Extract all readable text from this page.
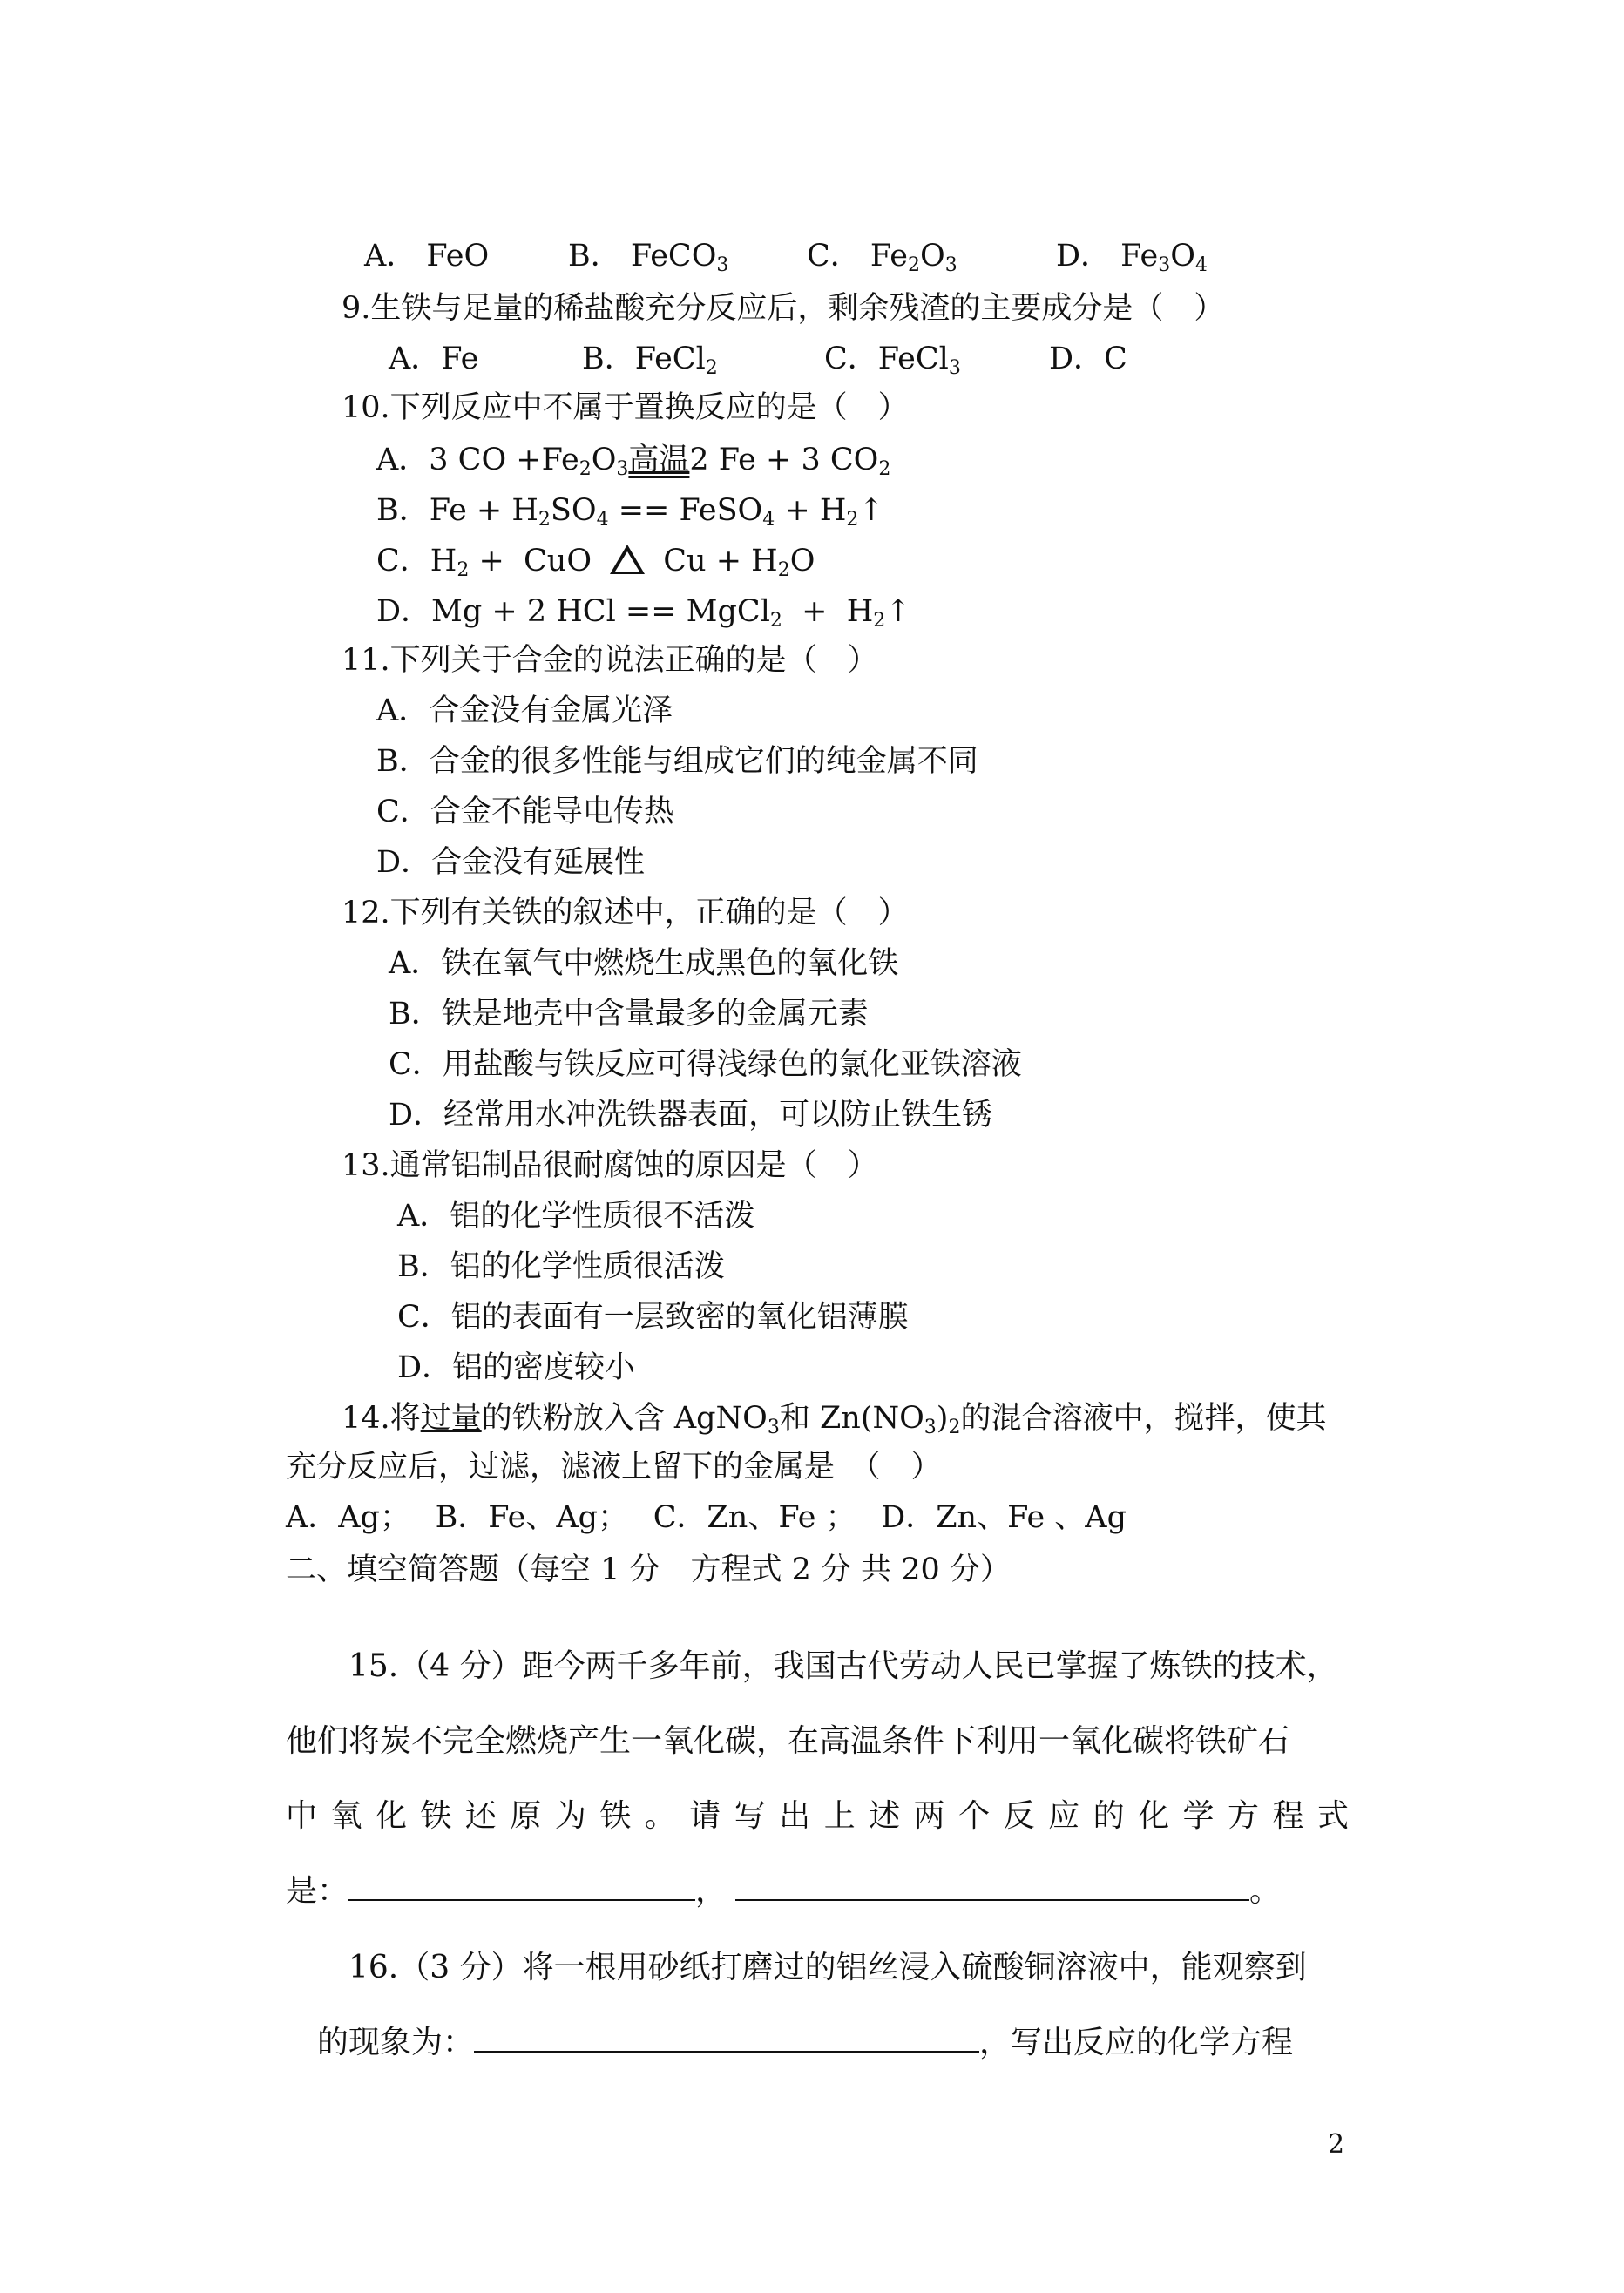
A． FeO	B． FeCO$_3$	C． $Fe_2O_3$	D． $Fe_3O_4$
9.生铁与足量的稀盐酸充分反应后，剩余残渣的主要成分是（　）
A．Fe	B．FeCl$_2$	C．FeCl$_3$	D．C
10.下列反应中不属于置换反应的是（　）
A．3 CO $+Fe_2O_3$高温2 Fe + 3 $CO_2$
B．$Fe + H_2SO_4$ == FeSO$_4$ + $H_2↑$
C．$H_2$ +  CuO  $Cu + H_2O$
D．Mg + 2 HCl == MgCl$_2$  +  $H_2↑$
11.下列关于合金的说法正确的是（　）
A．合金没有金属光泽
B．合金的很多性能与组成它们的纯金属不同
C．合金不能导电传热
D．合金没有延展性
12.下列有关铁的叙述中，正确的是（　）
A．铁在氧气中燃烧生成黑色的氧化铁
B．铁是地壳中含量最多的金属元素
C．用盐酸与铁反应可得浅绿色的氯化亚铁溶液
D．经常用水冲洗铁器表面，可以防止铁生锈
13.通常铝制品很耐腐蚀的原因是（　）
A．铝的化学性质很不活泼
B．铝的化学性质很活泼
C．铝的表面有一层致密的氧化铝薄膜
D．铝的密度较小
14.将过量的铁粉放入含 AgNO$_3$和 $Zn(NO_3)_2$的混合溶液中，搅拌，使其
充分反应后，过滤，滤液上留下的金属是　（　）
A．Ag；　 B．Fe、Ag；　 C．Zn、Fe ；　 D．Zn、Fe 、Ag
二、填空简答题（每空 1 分　方程式 2 分 共 20 分）
15.（4 分）距今两千多年前，我国古代劳动人民已掌握了炼铁的技术，
他们将炭不完全燃烧产生一氧化碳，在高温条件下利用一氧化碳将铁矿石
中氧化铁还原为铁。请写出上述两个反应的化学方程式
是：	，	。
16.（3 分）将一根用砂纸打磨过的铝丝浸入硫酸铜溶液中，能观察到
的现象为：	，写出反应的化学方程
2
